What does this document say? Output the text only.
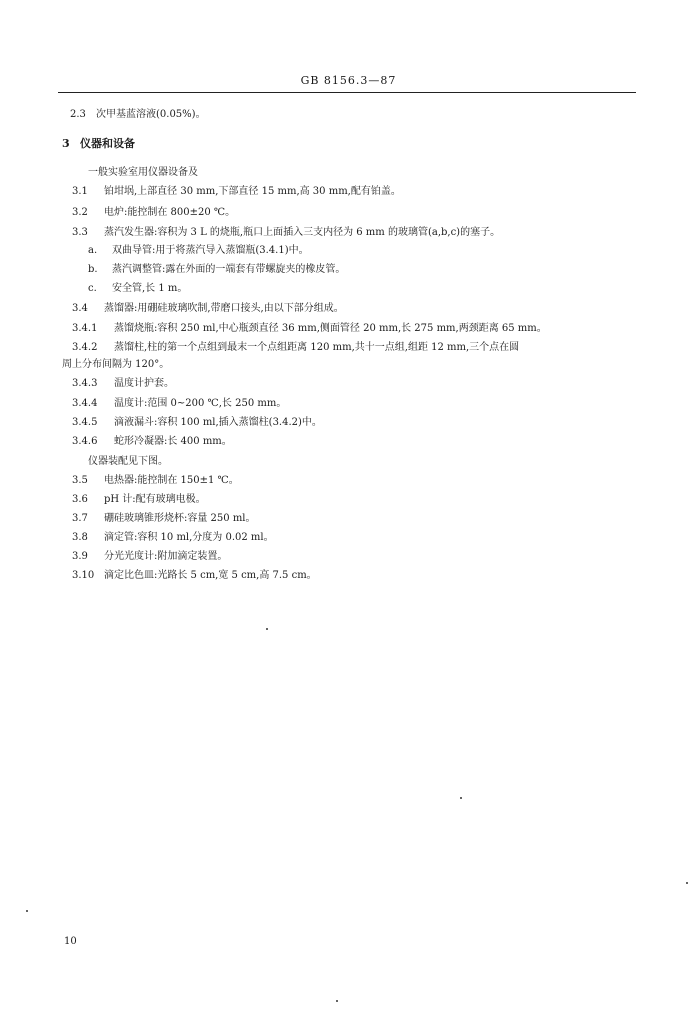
GB 8156.3—87
2.3 次甲基蓝溶液(0.05%)。
3 仪器和设备
一般实验室用仪器设备及
3.1 铂坩埚,上部直径 30 mm,下部直径 15 mm,高 30 mm,配有铂盖。
3.2 电炉:能控制在 800±20 ℃。
3.3 蒸汽发生器:容积为 3 L 的烧瓶,瓶口上面插入三支内径为 6 mm 的玻璃管(a,b,c)的塞子。
a. 双曲导管:用于将蒸汽导入蒸馏瓶(3.4.1)中。
b. 蒸汽调整管:露在外面的一端套有带螺旋夹的橡皮管。
c. 安全管,长 1 m。
3.4 蒸馏器:用硼硅玻璃吹制,带磨口接头,由以下部分组成。
3.4.1 蒸馏烧瓶:容积 250 ml,中心瓶颈直径 36 mm,侧面管径 20 mm,长 275 mm,两颈距离 65 mm。
3.4.2 蒸馏柱,柱的第一个点组到最末一个点组距离 120 mm,共十一点组,组距 12 mm,三个点在圆
周上分布间隔为 120°。
3.4.3 温度计护套。
3.4.4 温度计:范围 0~200 ℃,长 250 mm。
3.4.5 滴液漏斗:容积 100 ml,插入蒸馏柱(3.4.2)中。
3.4.6 蛇形冷凝器:长 400 mm。
仪器装配见下图。
3.5 电热器:能控制在 150±1 ℃。
3.6 pH 计:配有玻璃电极。
3.7 硼硅玻璃锥形烧杯:容量 250 ml。
3.8 滴定管:容积 10 ml,分度为 0.02 ml。
3.9 分光光度计:附加滴定装置。
3.10 滴定比色皿:光路长 5 cm,宽 5 cm,高 7.5 cm。
10
